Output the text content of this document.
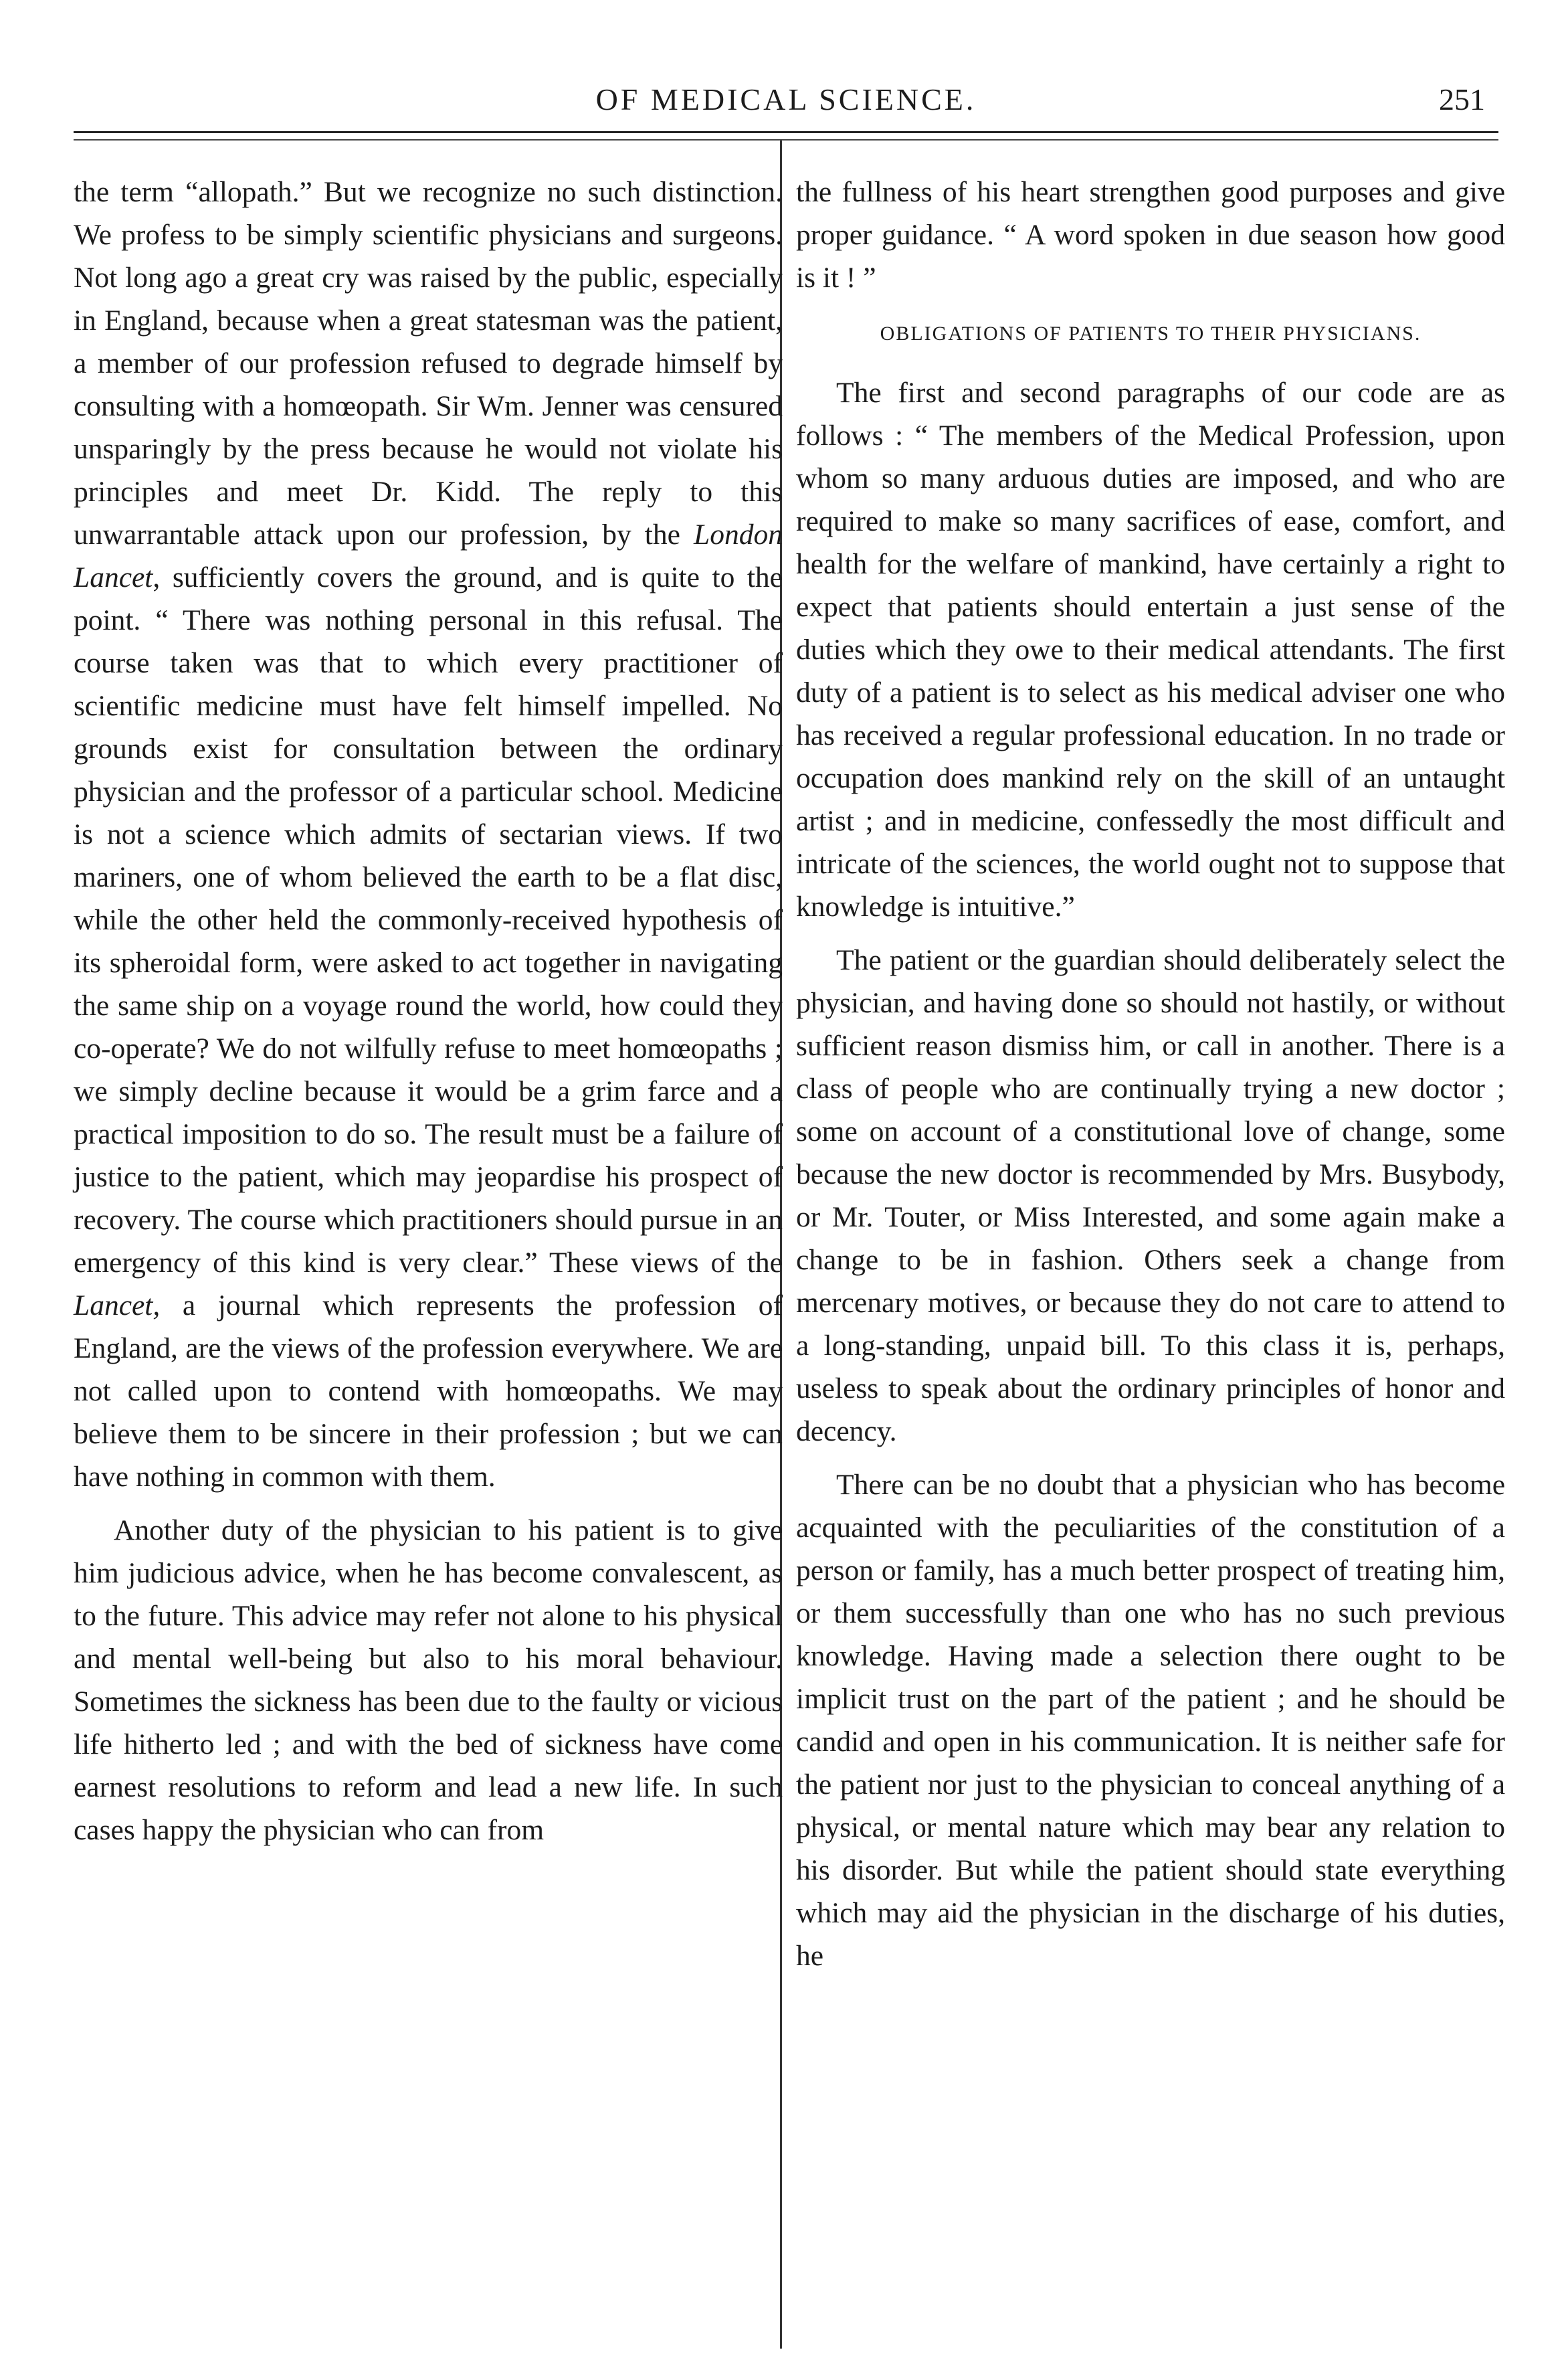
OF MEDICAL SCIENCE.	251

the term “allopath.” But we recognize no such distinction. We profess to be simply scientific physicians and surgeons. Not long ago a great cry was raised by the public, especially in England, because when a great statesman was the patient, a member of our profession refused to degrade himself by consulting with a homœopath. Sir Wm. Jenner was censured unsparingly by the press because he would not violate his principles and meet Dr. Kidd. The reply to this unwarrantable attack upon our profession, by the London Lancet, sufficiently covers the ground, and is quite to the point. “ There was nothing personal in this refusal. The course taken was that to which every practitioner of scientific medicine must have felt himself impelled. No grounds exist for consultation between the ordinary physician and the professor of a particular school. Medicine is not a science which admits of sectarian views. If two mariners, one of whom believed the earth to be a flat disc, while the other held the commonly-received hypothesis of its spheroidal form, were asked to act together in navigating the same ship on a voyage round the world, how could they co-operate? We do not wilfully refuse to meet homœopaths ; we simply decline because it would be a grim farce and a practical imposition to do so. The result must be a failure of justice to the patient, which may jeopardise his prospect of recovery. The course which practitioners should pursue in an emergency of this kind is very clear.” These views of the Lancet, a journal which represents the profession of England, are the views of the profession everywhere. We are not called upon to contend with homœopaths. We may believe them to be sincere in their profession ; but we can have nothing in common with them.

Another duty of the physician to his patient is to give him judicious advice, when he has become convalescent, as to the future. This advice may refer not alone to his physical and mental well-being but also to his moral behaviour. Sometimes the sickness has been due to the faulty or vicious life hitherto led ; and with the bed of sickness have come earnest resolutions to reform and lead a new life. In such cases happy the physician who can from

the fullness of his heart strengthen good purposes and give proper guidance. “ A word spoken in due season how good is it ! ”

OBLIGATIONS OF PATIENTS TO THEIR PHYSICIANS.

The first and second paragraphs of our code are as follows : “ The members of the Medical Profession, upon whom so many arduous duties are imposed, and who are required to make so many sacrifices of ease, comfort, and health for the welfare of mankind, have certainly a right to expect that patients should entertain a just sense of the duties which they owe to their medical attendants. The first duty of a patient is to select as his medical adviser one who has received a regular professional education. In no trade or occupation does mankind rely on the skill of an untaught artist ; and in medicine, confessedly the most difficult and intricate of the sciences, the world ought not to suppose that knowledge is intuitive.”

The patient or the guardian should deliberately select the physician, and having done so should not hastily, or without sufficient reason dismiss him, or call in another. There is a class of people who are continually trying a new doctor ; some on account of a constitutional love of change, some because the new doctor is recommended by Mrs. Busybody, or Mr. Touter, or Miss Interested, and some again make a change to be in fashion. Others seek a change from mercenary motives, or because they do not care to attend to a long-standing, unpaid bill. To this class it is, perhaps, useless to speak about the ordinary principles of honor and decency.

There can be no doubt that a physician who has become acquainted with the peculiarities of the constitution of a person or family, has a much better prospect of treating him, or them successfully than one who has no such previous knowledge. Having made a selection there ought to be implicit trust on the part of the patient ; and he should be candid and open in his communication. It is neither safe for the patient nor just to the physician to conceal anything of a physical, or mental nature which may bear any relation to his disorder. But while the patient should state everything which may aid the physician in the discharge of his duties, he
